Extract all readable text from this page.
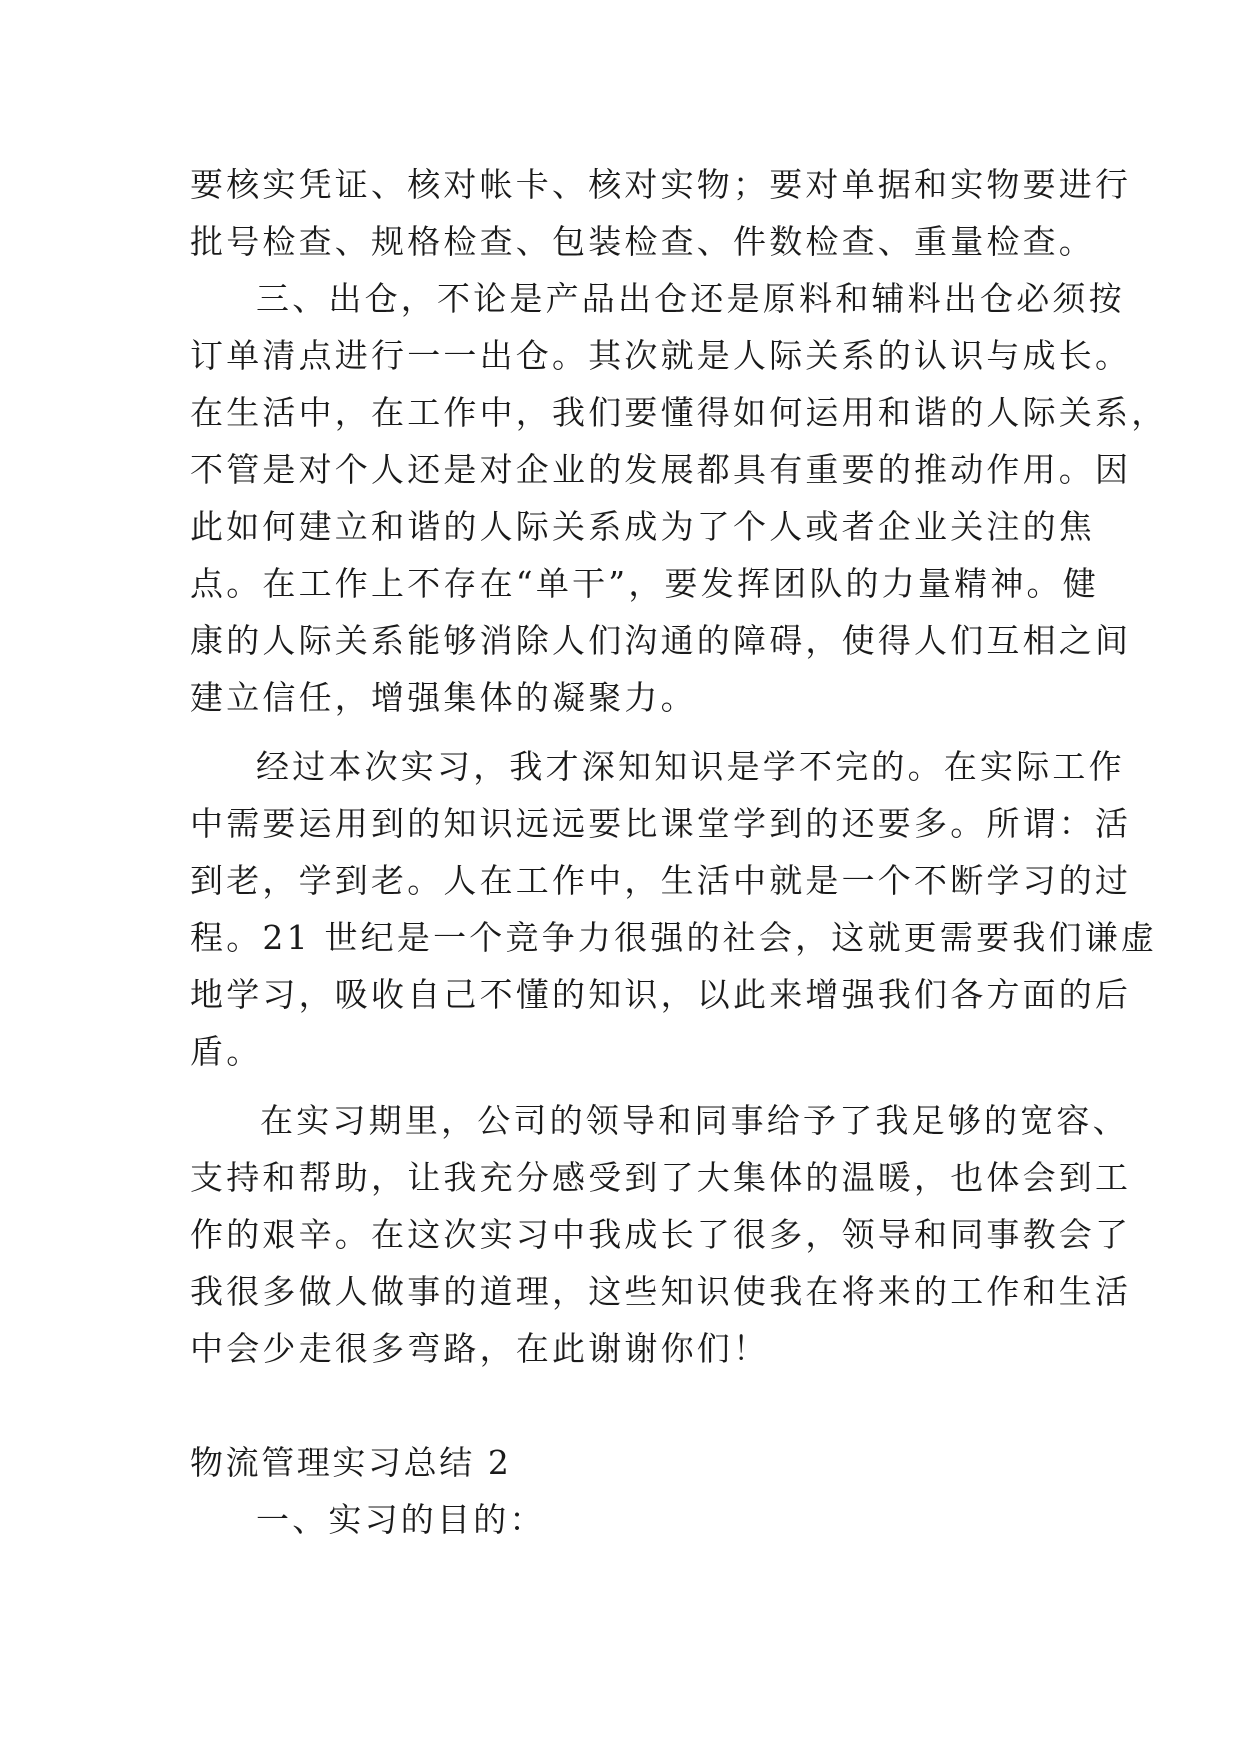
要核实凭证、核对帐卡、核对实物；要对单据和实物要进行
批号检查、规格检查、包装检查、件数检查、重量检查。
三、出仓，不论是产品出仓还是原料和辅料出仓必须按
订单清点进行一一出仓。其次就是人际关系的认识与成长。
在生活中，在工作中，我们要懂得如何运用和谐的人际关系，
不管是对个人还是对企业的发展都具有重要的推动作用。因
此如何建立和谐的人际关系成为了个人或者企业关注的焦
点。在工作上不存在“单干”，要发挥团队的力量精神。健
康的人际关系能够消除人们沟通的障碍，使得人们互相之间
建立信任，增强集体的凝聚力。
经过本次实习，我才深知知识是学不完的。在实际工作
中需要运用到的知识远远要比课堂学到的还要多。所谓：活
到老，学到老。人在工作中，生活中就是一个不断学习的过
程。21 世纪是一个竞争力很强的社会，这就更需要我们谦虚
地学习，吸收自己不懂的知识，以此来增强我们各方面的后
盾。
在实习期里，公司的领导和同事给予了我足够的宽容、
支持和帮助，让我充分感受到了大集体的温暖，也体会到工
作的艰辛。在这次实习中我成长了很多，领导和同事教会了
我很多做人做事的道理，这些知识使我在将来的工作和生活
中会少走很多弯路，在此谢谢你们！
物流管理实习总结 2
一、实习的目的：
